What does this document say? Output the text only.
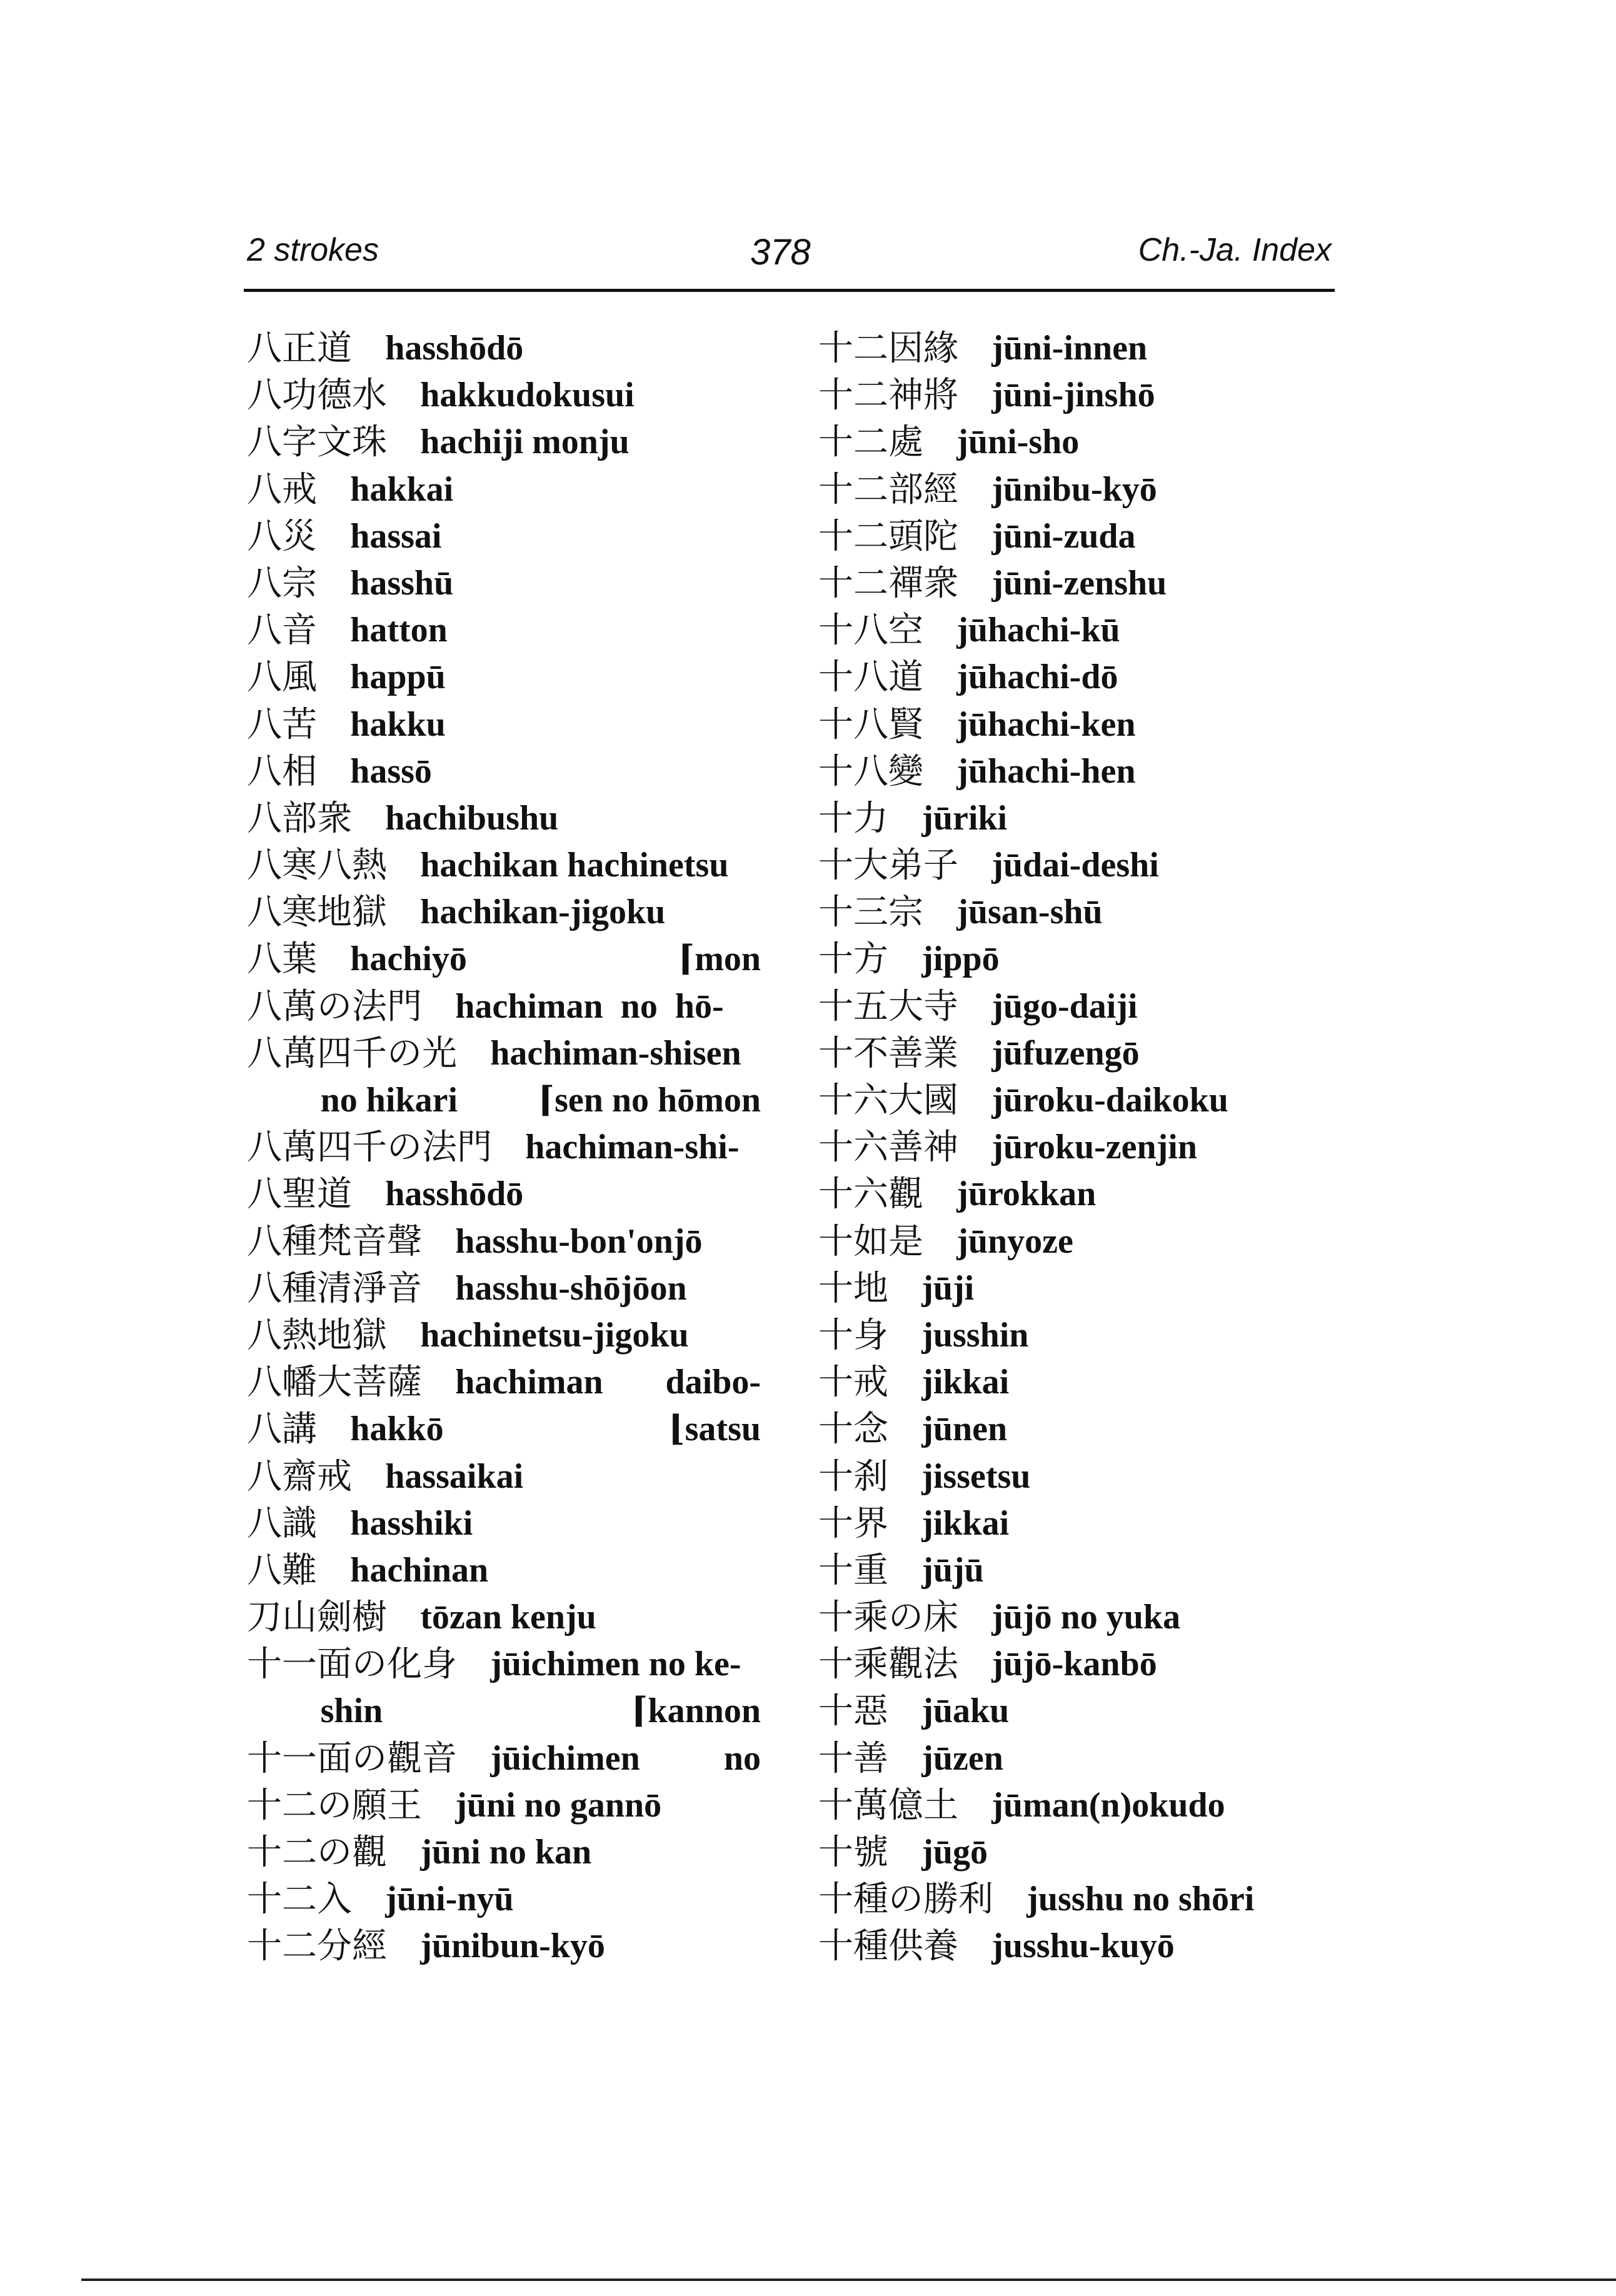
2 strokes	378	Ch.-Ja. Index
八正道 hasshōdō
八功德水 hakkudokusui
八字文珠 hachiji monju
八戒 hakkai
八災 hassai
八宗 hasshū
八音 hatton
八風 happū
八苦 hakku
八相 hassō
八部衆 hachibushu
八寒八熱 hachikan hachinetsu
八寒地獄 hachikan-jigoku
八葉 hachiyō	⌈mon
八萬の法門 hachiman  no  hō-
八萬四千の光 hachiman-shisen
no hikari ⌈sen no hōmon
八萬四千の法門 hachiman-shi-
八聖道 hasshōdō
八種梵音聲 hasshu-bon'onjō
八種清淨音 hasshu-shōjōon
八熱地獄 hachinetsu-jigoku
八幡大菩薩 hachiman daibo-
八講 hakkō	⌊satsu
八齋戒 hassaikai
八識 hasshiki
八難 hachinan
刀山劍樹 tōzan kenju
十一面の化身 jūichimen no ke-
shin	⌈kannon
十一面の觀音 jūichimen no
十二の願王 jūni no gannō
十二の觀 jūni no kan
十二入 jūni-nyū
十二分經 jūnibun-kyō
十二因緣 jūni-innen
十二神將 jūni-jinshō
十二處 jūni-sho
十二部經 jūnibu-kyō
十二頭陀 jūni-zuda
十二禪衆 jūni-zenshu
十八空 jūhachi-kū
十八道 jūhachi-dō
十八賢 jūhachi-ken
十八變 jūhachi-hen
十力 jūriki
十大弟子 jūdai-deshi
十三宗 jūsan-shū
十方 jippō
十五大寺 jūgo-daiji
十不善業 jūfuzengō
十六大國 jūroku-daikoku
十六善神 jūroku-zenjin
十六觀 jūrokkan
十如是 jūnyoze
十地 jūji
十身 jusshin
十戒 jikkai
十念 jūnen
十刹 jissetsu
十界 jikkai
十重 jūjū
十乘の床 jūjō no yuka
十乘觀法 jūjō-kanbō
十惡 jūaku
十善 jūzen
十萬億土 jūman(n)okudo
十號 jūgō
十種の勝利 jusshu no shōri
十種供養 jusshu-kuyō
